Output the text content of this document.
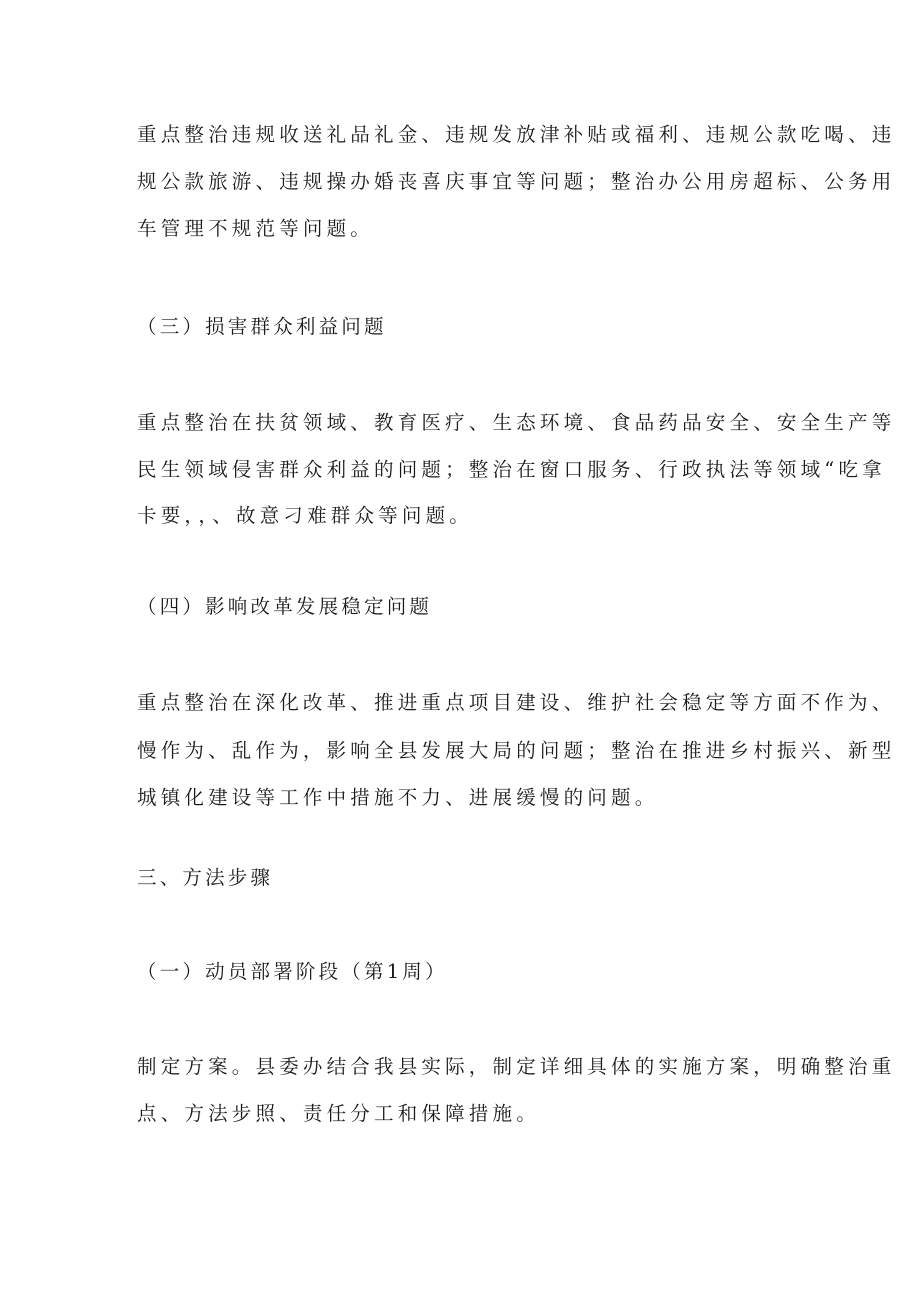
重点整治违规收送礼品礼金、违规发放津补贴或福利、违规公款吃喝、违
规公款旅游、违规操办婚丧喜庆事宜等问题；整治办公用房超标、公务用
车管理不规范等问题。
（三）损害群众利益问题
重点整治在扶贫领域、教育医疗、生态环境、食品药品安全、安全生产等
民生领域侵害群众利益的问题；整治在窗口服务、行政执法等领域“吃拿
卡要，，、故意刁难群众等问题。
（四）影响改革发展稳定问题
重点整治在深化改革、推进重点项目建设、维护社会稳定等方面不作为、
慢作为、乱作为，影响全县发展大局的问题；整治在推进乡村振兴、新型
城镇化建设等工作中措施不力、进展缓慢的问题。
三、方法步骤
（一）动员部署阶段（第1周）
制定方案。县委办结合我县实际，制定详细具体的实施方案，明确整治重
点、方法步照、责任分工和保障措施。
